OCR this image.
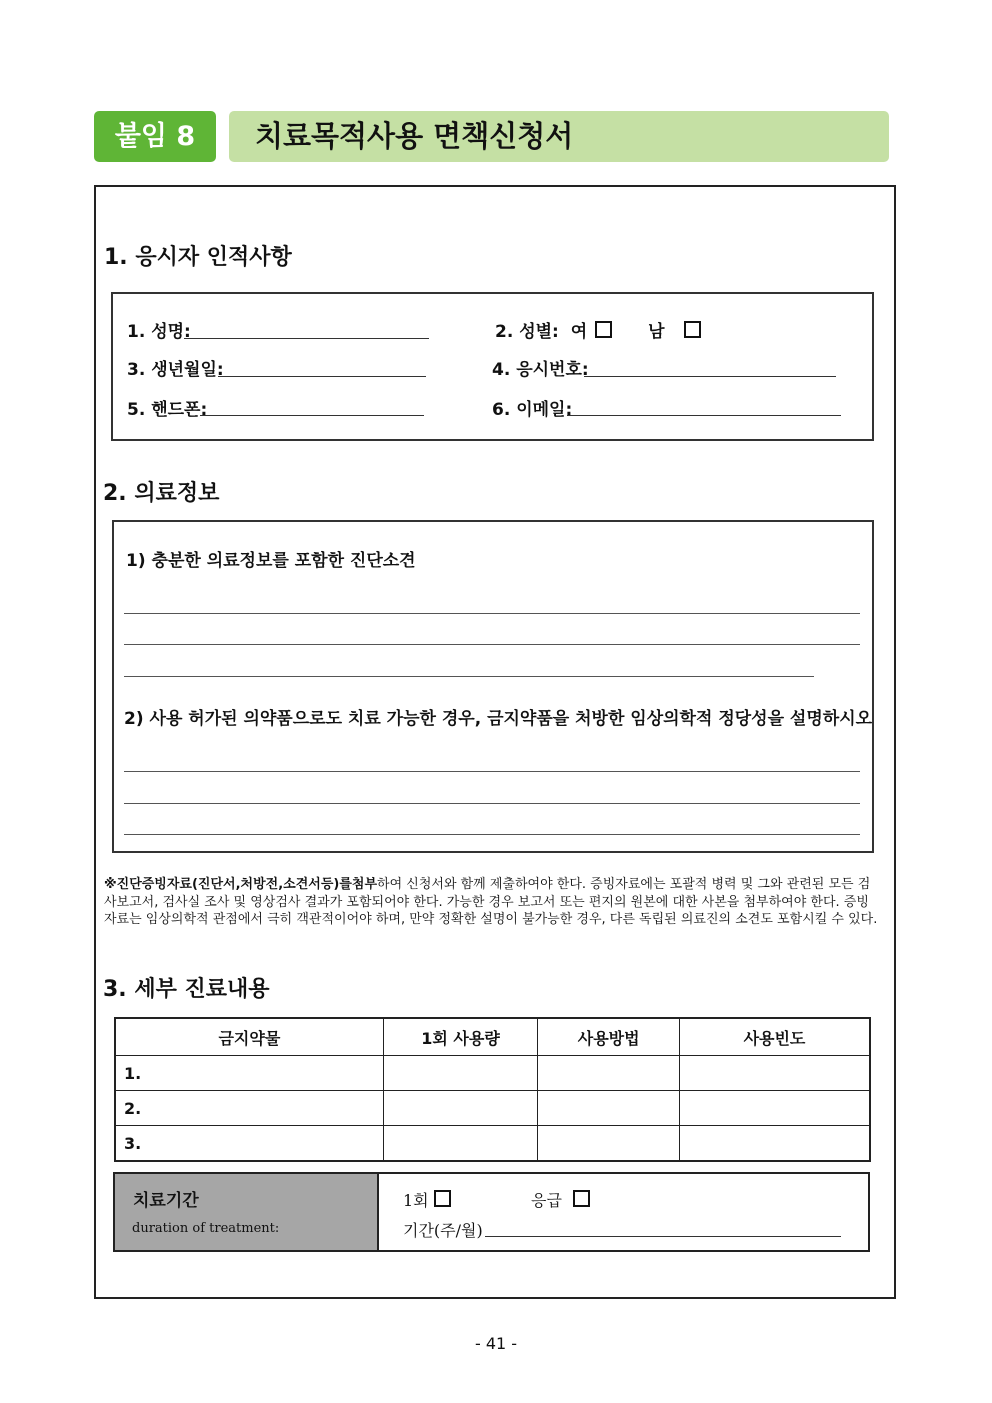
붙임 8	치료목적사용 면책신청서
1. 응시자 인적사항
1. 성명:	2. 성별: 여	남
3. 생년월일:	4. 응시번호:
5. 핸드폰:	6. 이메일:
2. 의료정보
1) 충분한 의료정보를 포함한 진단소견
2) 사용 허가된 의약품으로도 치료 가능한 경우, 금지약품을 처방한 임상의학적 정당성을 설명하시오
※진단증빙자료(진단서,처방전,소견서등)를첨부하여 신청서와 함께 제출하여야 한다. 증빙자료에는 포괄적 병력 및 그와 관련된 모든 검사보고서, 검사실 조사 및 영상검사 결과가 포함되어야 한다. 가능한 경우 보고서 또는 편지의 원본에 대한 사본을 첨부하여야 한다. 증빙자료는 임상의학적 관점에서 극히 객관적이어야 하며, 만약 정확한 설명이 불가능한 경우, 다른 독립된 의료진의 소견도 포함시킬 수 있다.
3. 세부 진료내용
금지약물	1회 사용량	사용방법	사용빈도
1.			
2.			
3.			
치료기간
duration of treatment:
1회	응급
기간(주/월)
- 41 -
